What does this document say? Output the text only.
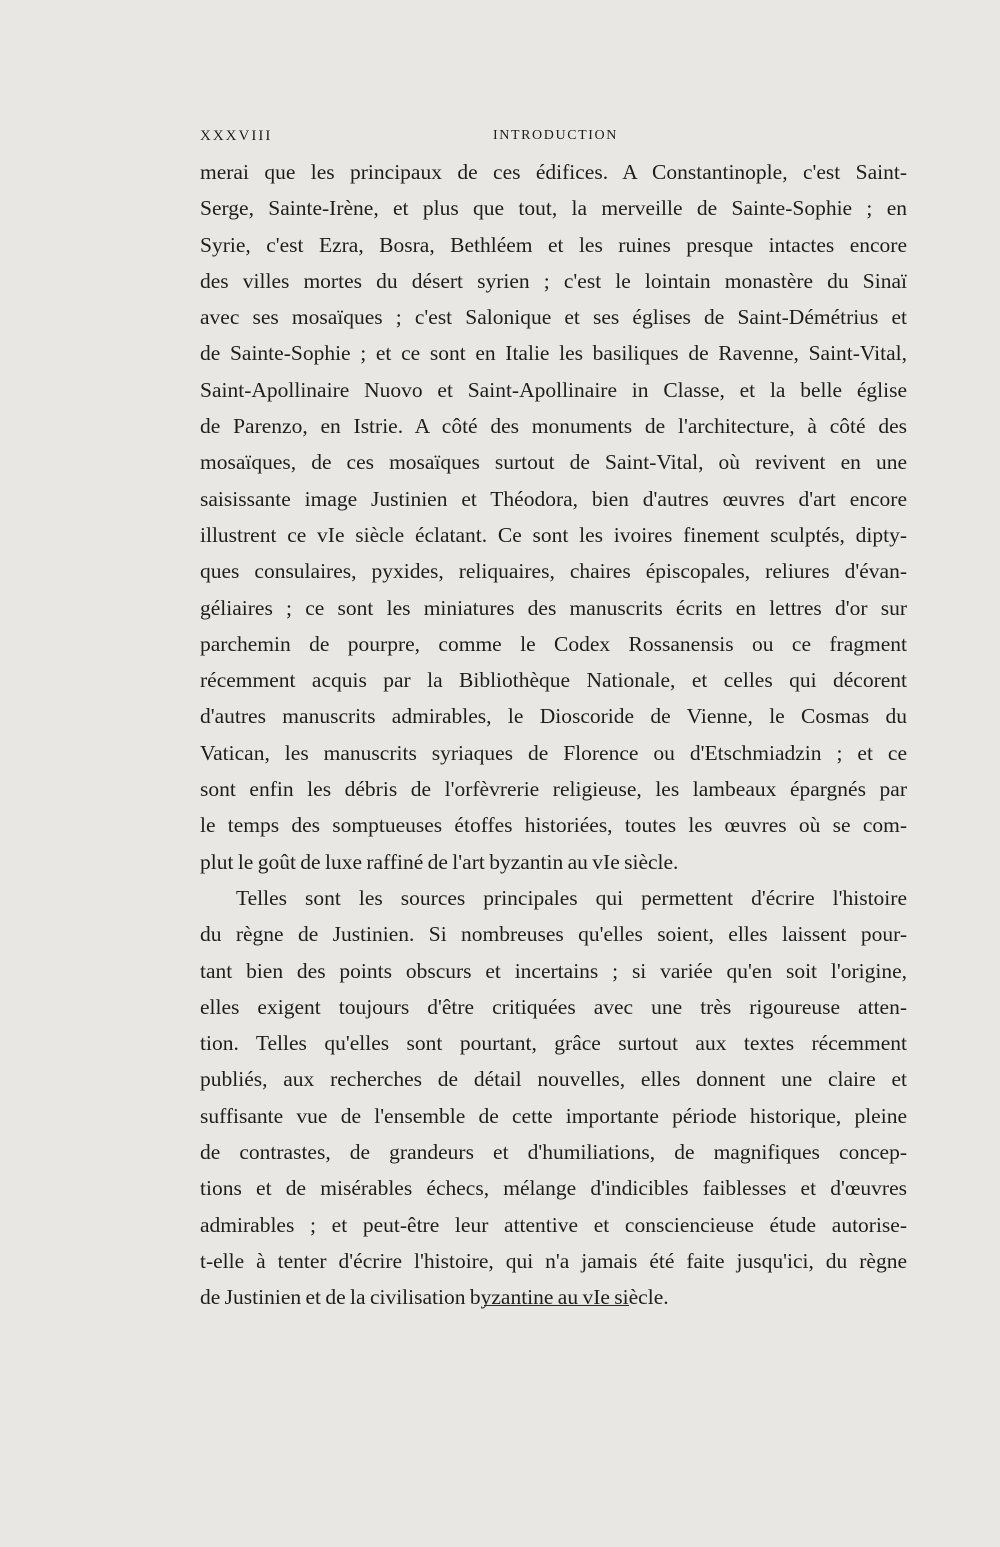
XXXVIII	INTRODUCTION
merai que les principaux de ces édifices. A Constantinople, c'est Saint-
Serge, Sainte-Irène, et plus que tout, la merveille de Sainte-Sophie ; en
Syrie, c'est Ezra, Bosra, Bethléem et les ruines presque intactes encore
des villes mortes du désert syrien ; c'est le lointain monastère du Sinaï
avec ses mosaïques ; c'est Salonique et ses églises de Saint-Démétrius et
de Sainte-Sophie ; et ce sont en Italie les basiliques de Ravenne, Saint-Vital,
Saint-Apollinaire Nuovo et Saint-Apollinaire in Classe, et la belle église
de Parenzo, en Istrie. A côté des monuments de l'architecture, à côté des
mosaïques, de ces mosaïques surtout de Saint-Vital, où revivent en une
saisissante image Justinien et Théodora, bien d'autres œuvres d'art encore
illustrent ce vIe siècle éclatant. Ce sont les ivoires finement sculptés, dipty-
ques consulaires, pyxides, reliquaires, chaires épiscopales, reliures d'évan-
géliaires ; ce sont les miniatures des manuscrits écrits en lettres d'or sur
parchemin de pourpre, comme le Codex Rossanensis ou ce fragment
récemment acquis par la Bibliothèque Nationale, et celles qui décorent
d'autres manuscrits admirables, le Dioscoride de Vienne, le Cosmas du
Vatican, les manuscrits syriaques de Florence ou d'Etschmiadzin ; et ce
sont enfin les débris de l'orfèvrerie religieuse, les lambeaux épargnés par
le temps des somptueuses étoffes historiées, toutes les œuvres où se com-
plut le goût de luxe raffiné de l'art byzantin au vIe siècle.
Telles sont les sources principales qui permettent d'écrire l'histoire
du règne de Justinien. Si nombreuses qu'elles soient, elles laissent pour-
tant bien des points obscurs et incertains ; si variée qu'en soit l'origine,
elles exigent toujours d'être critiquées avec une très rigoureuse atten-
tion. Telles qu'elles sont pourtant, grâce surtout aux textes récemment
publiés, aux recherches de détail nouvelles, elles donnent une claire et
suffisante vue de l'ensemble de cette importante période historique, pleine
de contrastes, de grandeurs et d'humiliations, de magnifiques concep-
tions et de misérables échecs, mélange d'indicibles faiblesses et d'œuvres
admirables ; et peut-être leur attentive et consciencieuse étude autorise-
t-elle à tenter d'écrire l'histoire, qui n'a jamais été faite jusqu'ici, du règne
de Justinien et de la civilisation byzantine au vIe siècle.
